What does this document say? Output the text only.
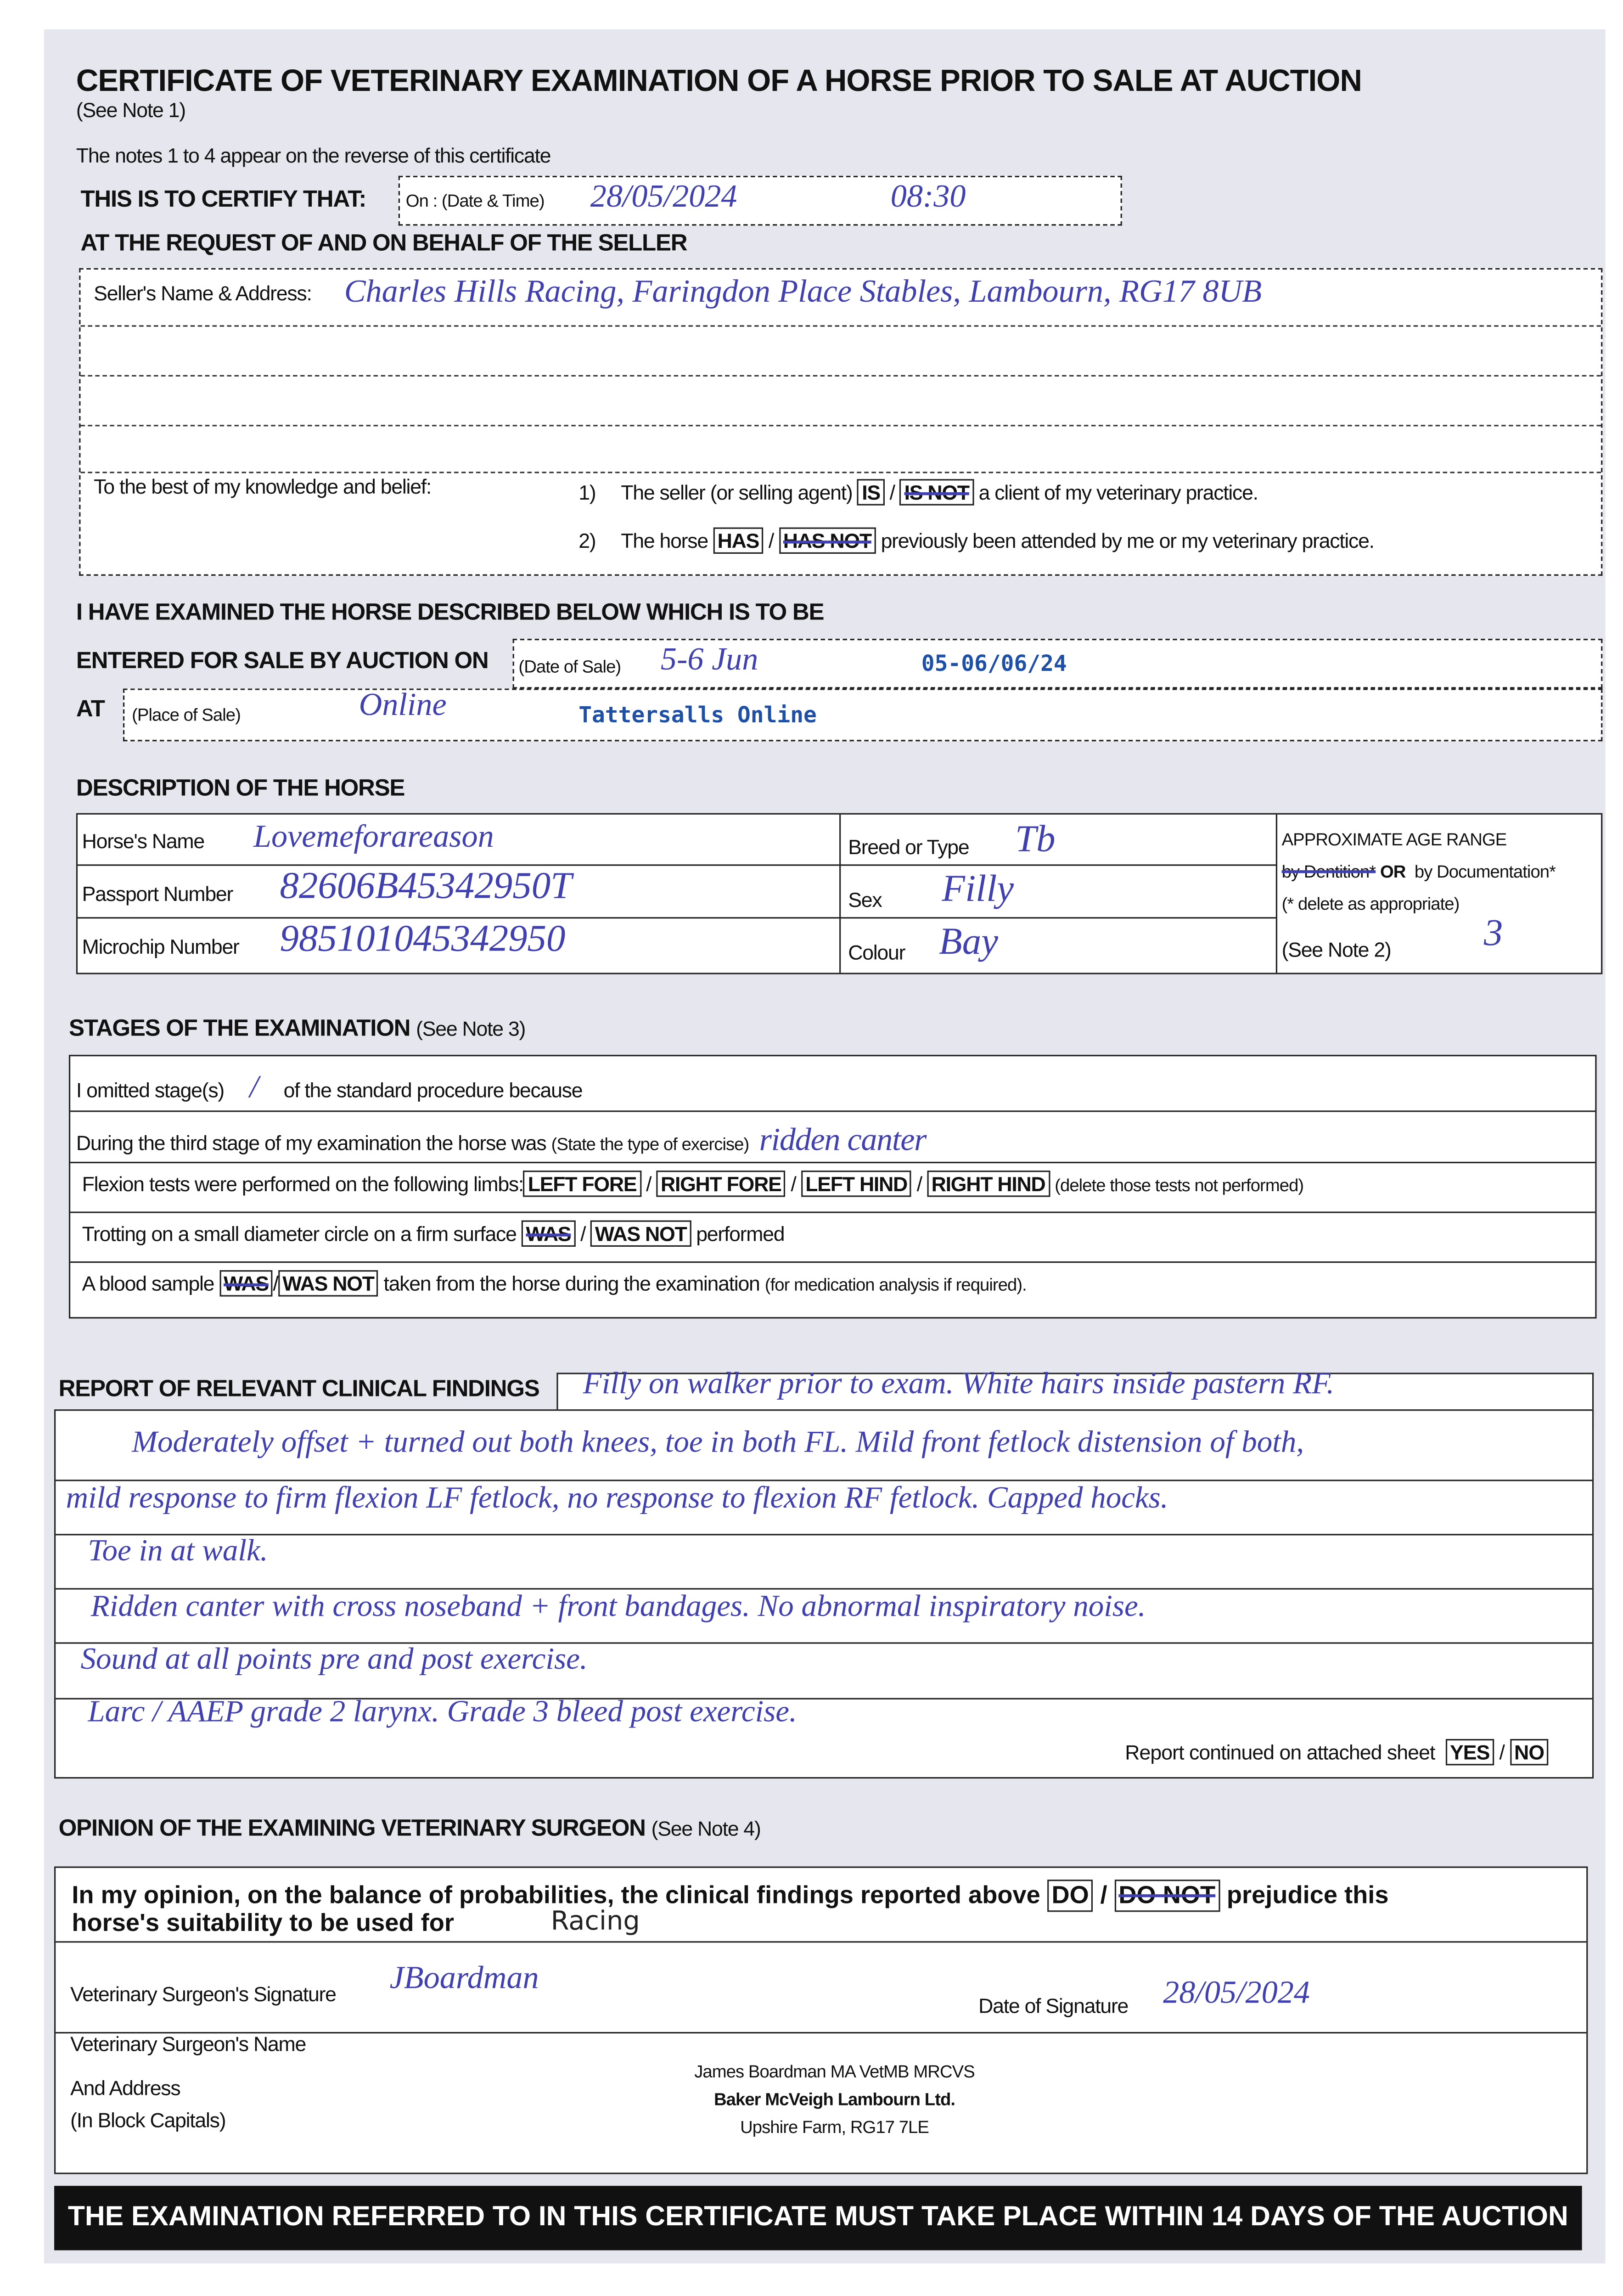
CERTIFICATE OF VETERINARY EXAMINATION OF A HORSE PRIOR TO SALE AT AUCTION
(See Note 1)
The notes 1 to 4 appear on the reverse of this certificate
THIS IS TO CERTIFY THAT:	On : (Date & Time)	28/05/2024	08:30
AT THE REQUEST OF AND ON BEHALF OF THE SELLER
Seller's Name & Address:	Charles Hills Racing, Faringdon Place Stables, Lambourn, RG17 8UB
To the best of my knowledge and belief:	1)	The seller (or selling agent) IS / IS NOT a client of my veterinary practice.
2)	The horse HAS / HAS NOT previously been attended by me or my veterinary practice.
I HAVE EXAMINED THE HORSE DESCRIBED BELOW WHICH IS TO BE
ENTERED FOR SALE BY AUCTION ON	(Date of Sale)	5-6 Jun	05-06/06/24
AT	(Place of Sale)	Online	Tattersalls Online
DESCRIPTION OF THE HORSE
Horse's Name	Lovemeforareason
Passport Number	82606B45342950T
Microchip Number	985101045342950
Breed or Type	Tb
Sex	Filly
Colour	Bay
APPROXIMATE AGE RANGE
by Dentition* OR by Documentation*
(* delete as appropriate)
(See Note 2)	3
STAGES OF THE EXAMINATION (See Note 3)
I omitted stage(s)	/	of the standard procedure because
During the third stage of my examination the horse was (State the type of exercise) ridden canter
Flexion tests were performed on the following limbs: LEFT FORE / RIGHT FORE / LEFT HIND / RIGHT HIND (delete those tests not performed)
Trotting on a small diameter circle on a firm surface WAS / WAS NOT performed
A blood sample WAS / WAS NOT taken from the horse during the examination (for medication analysis if required).
REPORT OF RELEVANT CLINICAL FINDINGS
Report continued on attached sheet YES / NO
Filly on walker prior to exam. White hairs inside pastern RF.
Moderately offset + turned out both knees, toe in both FL. Mild front fetlock distension of both,
mild response to firm flexion LF fetlock, no response to flexion RF fetlock. Capped hocks.
Toe in at walk.
Ridden canter with cross noseband + front bandages. No abnormal inspiratory noise.
Sound at all points pre and post exercise.
Larc / AAEP grade 2 larynx. Grade 3 bleed post exercise.
OPINION OF THE EXAMINING VETERINARY SURGEON (See Note 4)
In my opinion, on the balance of probabilities, the clinical findings reported above DO / DO NOT prejudice this
horse's suitability to be used for	Racing
Veterinary Surgeon's Signature	JBoardman
Date of Signature	28/05/2024
Veterinary Surgeon's Name
And Address
(In Block Capitals)
James Boardman MA VetMB MRCVS
Baker McVeigh Lambourn Ltd.
Upshire Farm, RG17 7LE
THE EXAMINATION REFERRED TO IN THIS CERTIFICATE MUST TAKE PLACE WITHIN 14 DAYS OF THE AUCTION
